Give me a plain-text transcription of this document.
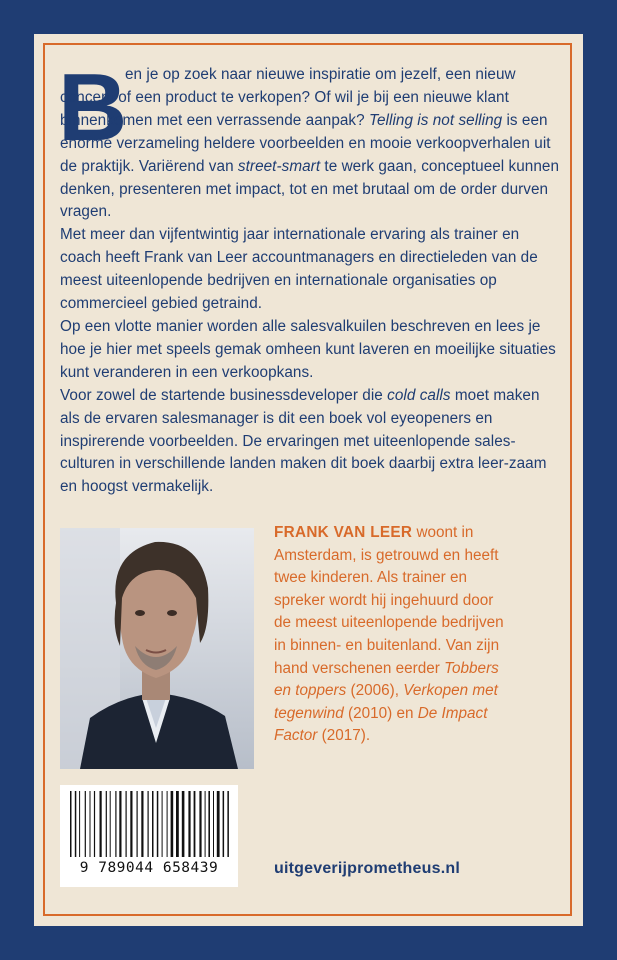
B

en je op zoek naar nieuwe inspiratie om jezelf, een nieuw concept of een product te verkopen? Of wil je bij een nieuwe klant binnenkomen met een verrassende aanpak? Telling is not selling is een enorme verzameling heldere voorbeelden en mooie verkoopverhalen uit de praktijk. Variërend van street-smart te werk gaan, conceptueel kunnen denken, presenteren met impact, tot en met brutaal om de order durven vragen.

Met meer dan vijfentwintig jaar internationale ervaring als trainer en coach heeft Frank van Leer accountmanagers en directieleden van de meest uiteenlopende bedrijven en internationale organisaties op commercieel gebied getraind.

Op een vlotte manier worden alle salesvalkuilen beschreven en lees je hoe je hier met speels gemak omheen kunt laveren en moeilijke situaties kunt veranderen in een verkoopkans.

Voor zowel de startende businessdeveloper die cold calls moet maken als de ervaren salesmanager is dit een boek vol eyeopeners en inspirerende voorbeelden. De ervaringen met uiteenlopende sales-culturen in verschillende landen maken dit boek daarbij extra leer-zaam en hoogst vermakelijk.

FRANK VAN LEER woont in Amsterdam, is getrouwd en heeft twee kinderen. Als trainer en spreker wordt hij ingehuurd door de meest uiteenlopende bedrijven in binnen- en buitenland. Van zijn hand verschenen eerder Tobbers en toppers (2006), Verkopen met tegenwind (2010) en De Impact Factor (2017).
9 789044 658439	uitgeverijprometheus.nl
